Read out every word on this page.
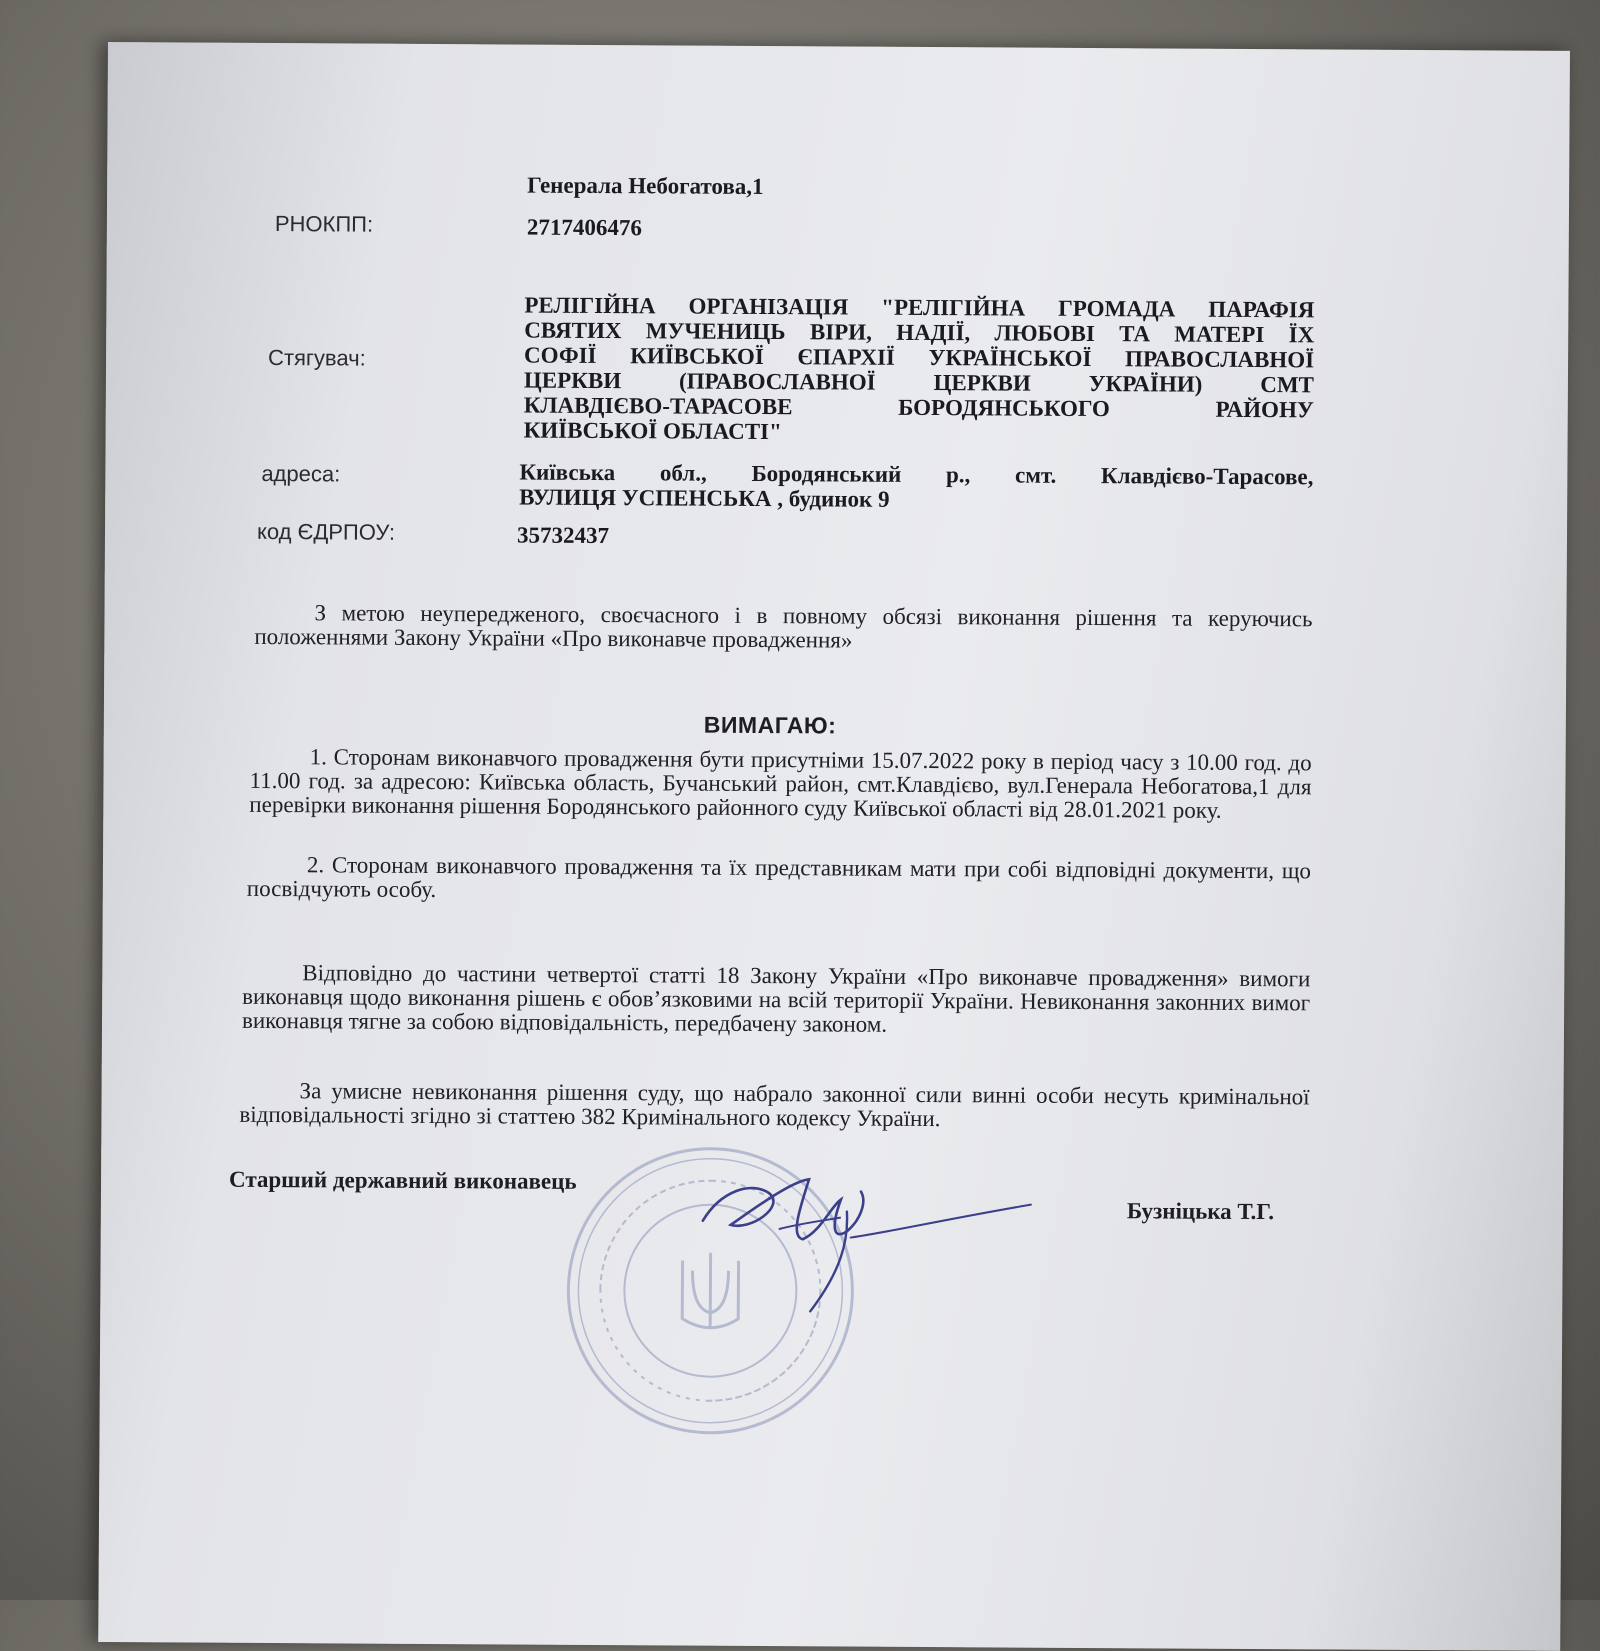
Генерала Небогатова,1
РНОКПП:	2717406476
Стягувач:
РЕЛІГІЙНА ОРГАНІЗАЦІЯ "РЕЛІГІЙНА ГРОМАДА ПАРАФІЯ
СВЯТИХ МУЧЕНИЦЬ ВІРИ, НАДІЇ, ЛЮБОВІ ТА МАТЕРІ ЇХ
СОФІЇ КИЇВСЬКОЇ ЄПАРХІЇ УКРАЇНСЬКОЇ ПРАВОСЛАВНОЇ
ЦЕРКВИ (ПРАВОСЛАВНОЇ ЦЕРКВИ УКРАЇНИ) СМТ
КЛАВДІЄВО-ТАРАСОВЕ БОРОДЯНСЬКОГО РАЙОНУ
КИЇВСЬКОЇ ОБЛАСТІ"
адреса:	Київська обл., Бородянський р., смт. Клавдієво-Тарасове,
ВУЛИЦЯ УСПЕНСЬКА , будинок 9
код ЄДРПОУ:	35732437
З метою неупередженого, своєчасного і в повному обсязі виконання рішення та керуючись положеннями Закону України «Про виконавче провадження»
ВИМАГАЮ:
1. Сторонам виконавчого провадження бути присутніми 15.07.2022 року в період часу з 10.00 год. до 11.00 год. за адресою: Київська область, Бучанський район, смт.Клавдієво, вул.Генерала Небогатова,1 для перевірки виконання рішення Бородянського районного суду Київської області від 28.01.2021 року.
2. Сторонам виконавчого провадження та їх представникам мати при собі відповідні документи, що посвідчують особу.
Відповідно до частини четвертої статті 18 Закону України «Про виконавче провадження» вимоги виконавця щодо виконання рішень є обов’язковими на всій території України. Невиконання законних вимог виконавця тягне за собою відповідальність, передбачену законом.
За умисне невиконання рішення суду, що набрало законної сили винні особи несуть кримінальної відповідальності згідно зі статтею 382 Кримінального кодексу України.
Старший державний виконавець
Бузніцька Т.Г.
